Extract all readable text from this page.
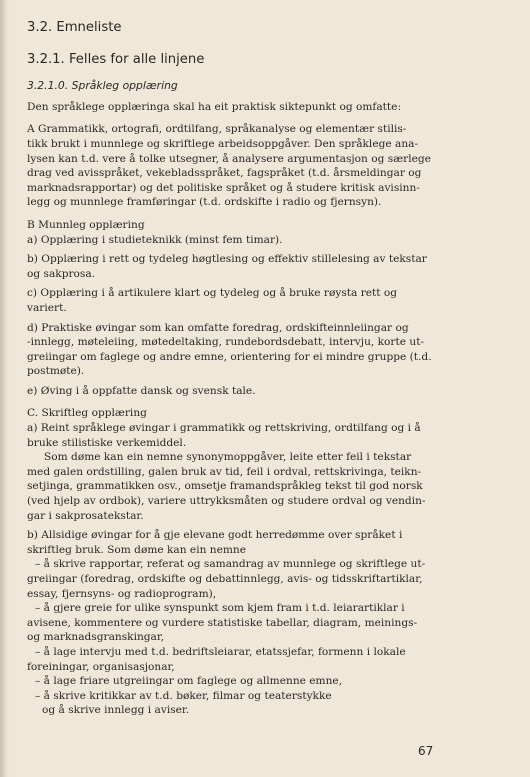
3.2. Emneliste
3.2.1. Felles for alle linjene
3.2.1.0. Språkleg opplæring

Den språklege opplæringa skal ha eit praktisk siktepunkt og omfatte:

A Grammatikk, ortografi, ordtilfang, språkanalyse og elementær stilis-

tikk brukt i munnlege og skriftlege arbeidsoppgåver. Den språklege ana-

lysen kan t.d. vere å tolke utsegner, å analysere argumentasjon og særlege

drag ved avisspråket, vekebladsspråket, fagspråket (t.d. årsmeldingar og

marknadsrapportar) og det politiske språket og å studere kritisk avisinn-

legg og munnlege framføringar (t.d. ordskifte i radio og fjernsyn).

B Munnleg opplæring

a) Opplæring i studieteknikk (minst fem timar).

b) Opplæring i rett og tydeleg høgtlesing og effektiv stillelesing av tekstar

og sakprosa.

c) Opplæring i å artikulere klart og tydeleg og å bruke røysta rett og

variert.

d) Praktiske øvingar som kan omfatte foredrag, ordskifteinnleiingar og

-innlegg, møteleiing, møtedeltaking, rundebordsdebatt, intervju, korte ut-

greiingar om faglege og andre emne, orientering for ei mindre gruppe (t.d.

postmøte).

e) Øving i å oppfatte dansk og svensk tale.

C. Skriftleg opplæring

a) Reint språklege øvingar i grammatikk og rettskriving, ordtilfang og i å

bruke stilistiske verkemiddel.

Som døme kan ein nemne synonymoppgåver, leite etter feil i tekstar

med galen ordstilling, galen bruk av tid, feil i ordval, rettskrivinga, teikn-

setjinga, grammatikken osv., omsetje framandspråkleg tekst til god norsk

(ved hjelp av ordbok), variere uttrykksmåten og studere ordval og vendin-

gar i sakprosatekstar.

b) Allsidige øvingar for å gje elevane godt herredømme over språket i

skriftleg bruk. Som døme kan ein nemne

– å skrive rapportar, referat og samandrag av munnlege og skriftlege ut-

greiingar (foredrag, ordskifte og debattinnlegg, avis- og tidsskriftartiklar,

essay, fjernsyns- og radioprogram),

– å gjere greie for ulike synspunkt som kjem fram i t.d. leiarartiklar i

avisene, kommentere og vurdere statistiske tabellar, diagram, meinings-

og marknadsgranskingar,

– å lage intervju med t.d. bedriftsleiarar, etatssjefar, formenn i lokale

foreiningar, organisasjonar,

– å lage friare utgreiingar om faglege og allmenne emne,

– å skrive kritikkar av t.d. bøker, filmar og teaterstykke

og å skrive innlegg i aviser.

67
